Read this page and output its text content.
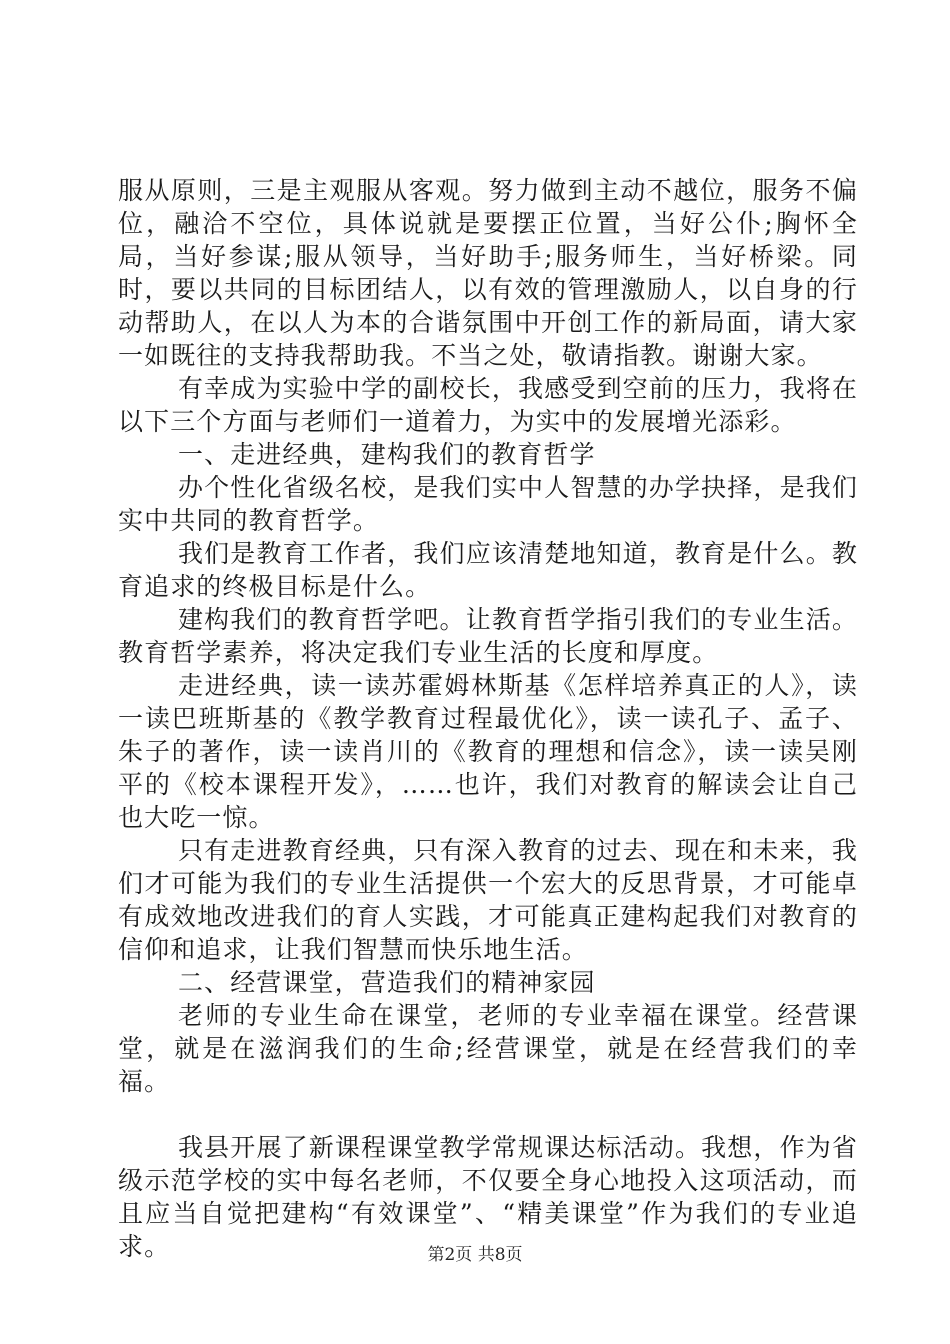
服从原则，三是主观服从客观。努力做到主动不越位，服务不偏位，融洽不空位，具体说就是要摆正位置，当好公仆;胸怀全局，当好参谋;服从领导，当好助手;服务师生，当好桥梁。同时，要以共同的目标团结人，以有效的管理激励人，以自身的行动帮助人，在以人为本的合谐氛围中开创工作的新局面，请大家一如既往的支持我帮助我。不当之处，敬请指教。谢谢大家。

有幸成为实验中学的副校长，我感受到空前的压力，我将在以下三个方面与老师们一道着力，为实中的发展增光添彩。

一、走进经典，建构我们的教育哲学

办个性化省级名校，是我们实中人智慧的办学抉择，是我们实中共同的教育哲学。

我们是教育工作者，我们应该清楚地知道，教育是什么。教育追求的终极目标是什么。

建构我们的教育哲学吧。让教育哲学指引我们的专业生活。教育哲学素养，将决定我们专业生活的长度和厚度。

走进经典，读一读苏霍姆林斯基《怎样培养真正的人》，读一读巴班斯基的《教学教育过程最优化》，读一读孔子、孟子、朱子的著作，读一读肖川的《教育的理想和信念》，读一读吴刚平的《校本课程开发》，……也许，我们对教育的解读会让自己也大吃一惊。

只有走进教育经典，只有深入教育的过去、现在和未来，我们才可能为我们的专业生活提供一个宏大的反思背景，才可能卓有成效地改进我们的育人实践，才可能真正建构起我们对教育的信仰和追求，让我们智慧而快乐地生活。

二、经营课堂，营造我们的精神家园

老师的专业生命在课堂，老师的专业幸福在课堂。经营课堂，就是在滋润我们的生命;经营课堂，就是在经营我们的幸福。

我县开展了新课程课堂教学常规课达标活动。我想，作为省级示范学校的实中每名老师，不仅要全身心地投入这项活动，而且应当自觉把建构“有效课堂”、“精美课堂”作为我们的专业追求。	第2页 共8页
